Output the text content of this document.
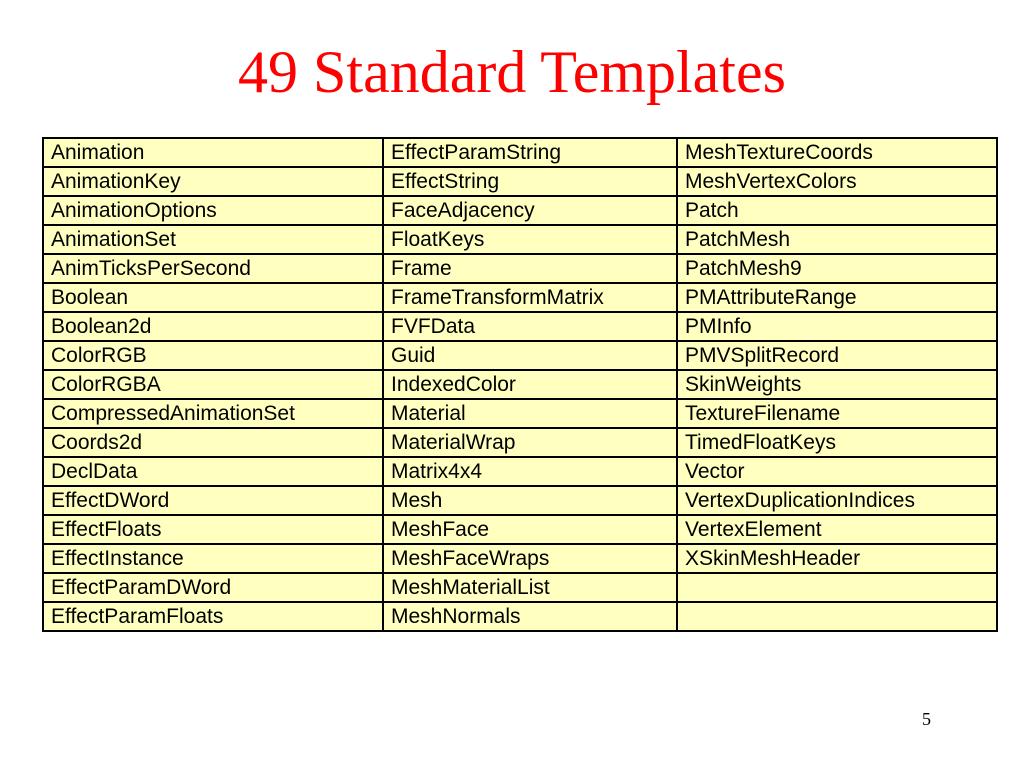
49 Standard Templates
Animation	EffectParamString	MeshTextureCoords
AnimationKey	EffectString	MeshVertexColors
AnimationOptions	FaceAdjacency	Patch
AnimationSet	FloatKeys	PatchMesh
AnimTicksPerSecond	Frame	PatchMesh9
Boolean	FrameTransformMatrix	PMAttributeRange
Boolean2d	FVFData	PMInfo
ColorRGB	Guid	PMVSplitRecord
ColorRGBA	IndexedColor	SkinWeights
CompressedAnimationSet	Material	TextureFilename
Coords2d	MaterialWrap	TimedFloatKeys
DeclData	Matrix4x4	Vector
EffectDWord	Mesh	VertexDuplicationIndices
EffectFloats	MeshFace	VertexElement
EffectInstance	MeshFaceWraps	XSkinMeshHeader
EffectParamDWord	MeshMaterialList	
EffectParamFloats	MeshNormals	
5
